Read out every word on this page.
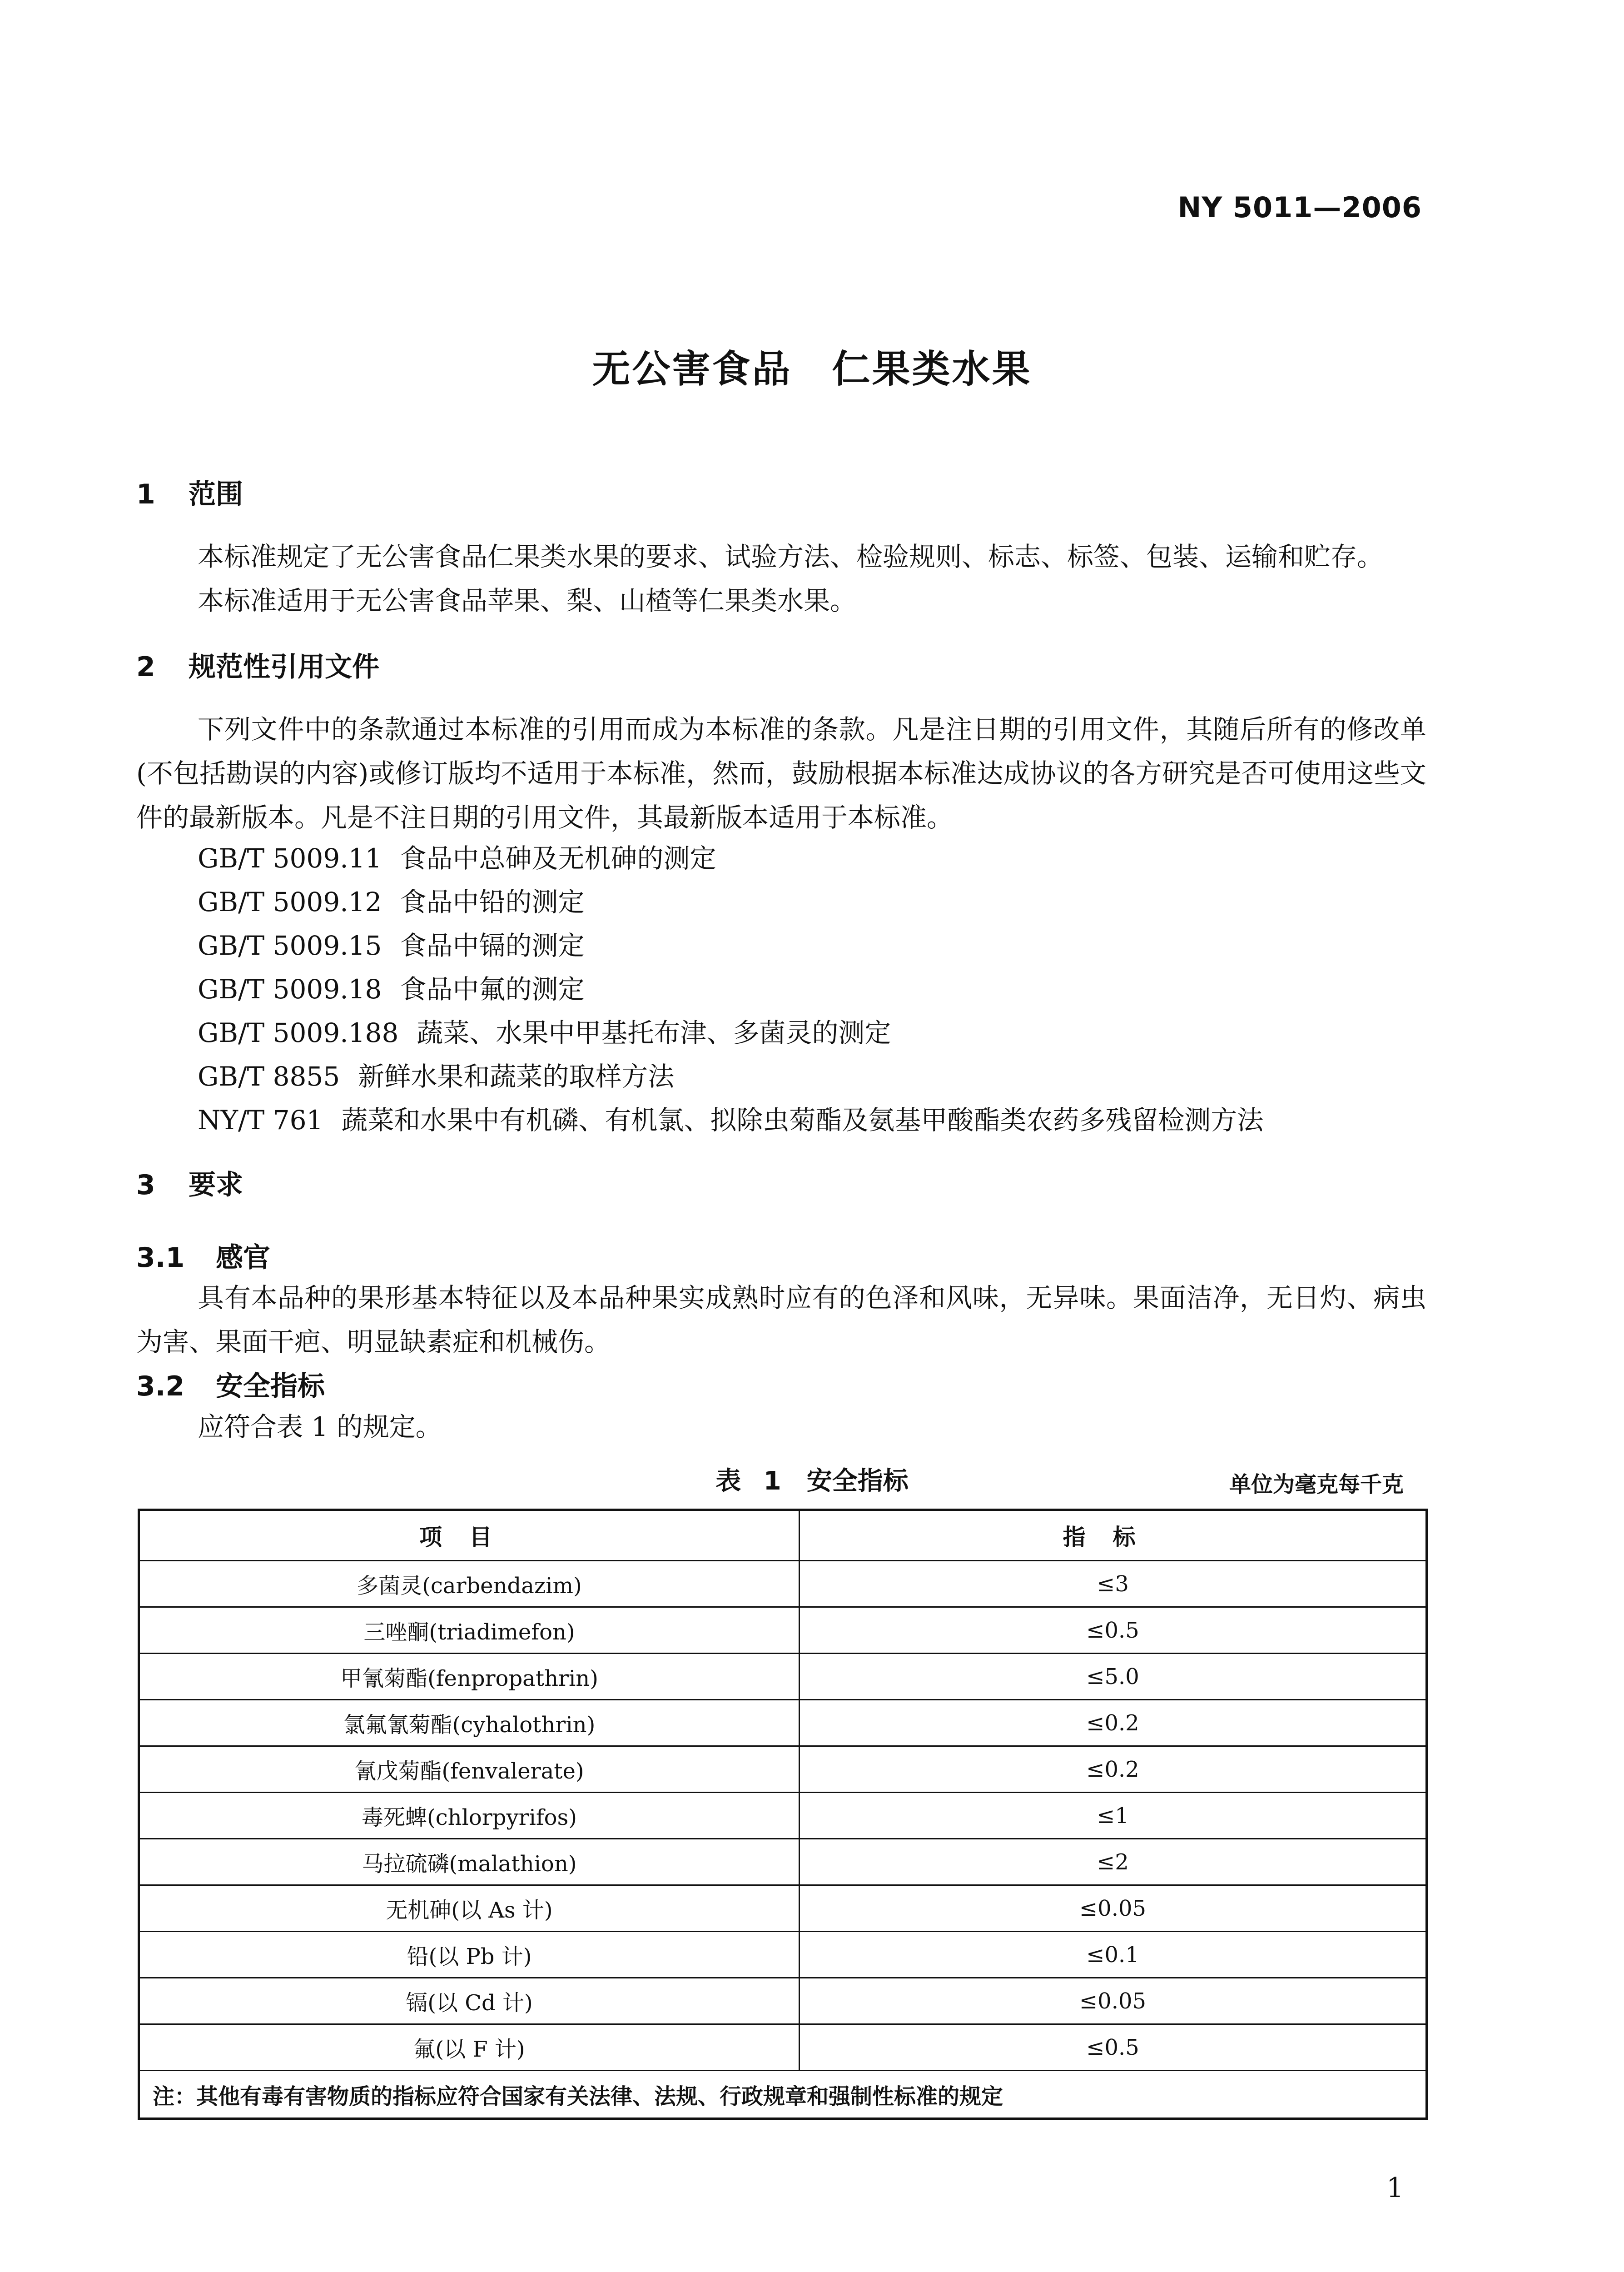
NY 5011—2006
无公害食品　仁果类水果
1 范围

本标准规定了无公害食品仁果类水果的要求、试验方法、检验规则、标志、标签、包装、运输和贮存。

本标准适用于无公害食品苹果、梨、山楂等仁果类水果。

2 规范性引用文件

下列文件中的条款通过本标准的引用而成为本标准的条款。凡是注日期的引用文件，其随后所有的修改单(不包括勘误的内容)或修订版均不适用于本标准，然而，鼓励根据本标准达成协议的各方研究是否可使用这些文件的最新版本。凡是不注日期的引用文件，其最新版本适用于本标准。

GB/T 5009.11 食品中总砷及无机砷的测定
GB/T 5009.12 食品中铅的测定
GB/T 5009.15 食品中镉的测定
GB/T 5009.18 食品中氟的测定
GB/T 5009.188 蔬菜、水果中甲基托布津、多菌灵的测定
GB/T 8855 新鲜水果和蔬菜的取样方法
NY/T 761 蔬菜和水果中有机磷、有机氯、拟除虫菊酯及氨基甲酸酯类农药多残留检测方法
3 要求
3.1 感官

具有本品种的果形基本特征以及本品种果实成熟时应有的色泽和风味，无异味。果面洁净，无日灼、病虫为害、果面干疤、明显缺素症和机械伤。

3.2 安全指标

应符合表 1 的规定。

表 1　安全指标	单位为毫克每千克
项目	指标
多菌灵(carbendazim)	≤3
三唑酮(triadimefon)	≤0.5
甲氰菊酯(fenpropathrin)	≤5.0
氯氟氰菊酯(cyhalothrin)	≤0.2
氰戊菊酯(fenvalerate)	≤0.2
毒死蜱(chlorpyrifos)	≤1
马拉硫磷(malathion)	≤2
无机砷(以 As 计)	≤0.05
铅(以 Pb 计)	≤0.1
镉(以 Cd 计)	≤0.05
氟(以 F 计)	≤0.5
注：其他有毒有害物质的指标应符合国家有关法律、法规、行政规章和强制性标准的规定	
1
